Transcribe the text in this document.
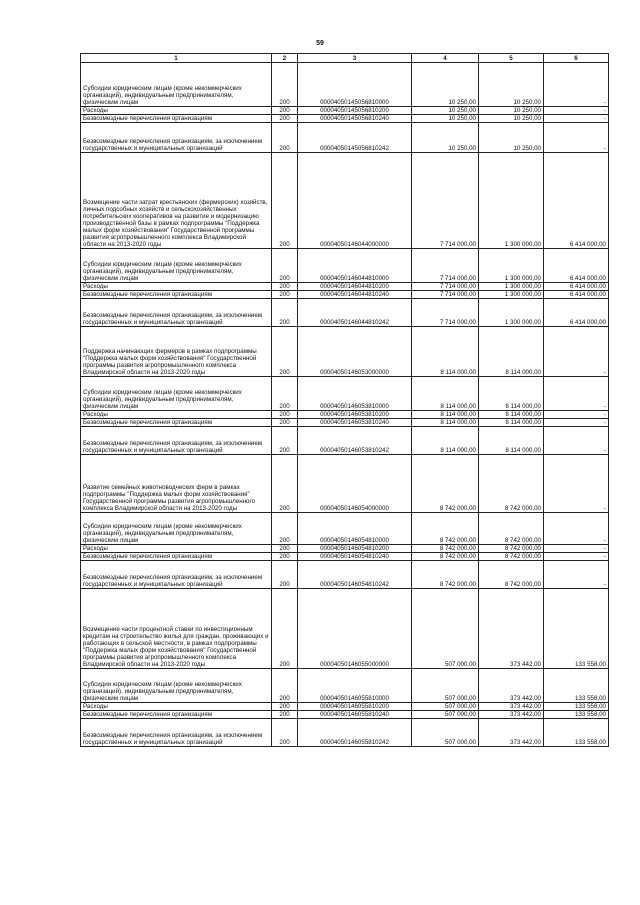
59
1	2	3	4	5	6
Субсидии юридическим лицам (кроме некоммерческих организаций), индивидуальным предпринимателям, физическим лицам	200	00004050145056810000	10 250,00	10 250,00	-
Расходы	200	00004050145056810200	10 250,00	10 250,00	-
Безвозмездные перечисления организациям	200	00004050145056810240	10 250,00	10 250,00	-
Безвозмездные перечисления организациям, за исключением государственных и муниципальных организаций	200	00004050145056810242	10 250,00	10 250,00	-
Возмещение части затрат крестьянских (фермерских) хозяйств, личных подсобных хозяйств и сельскохозяйственных потребительских кооперативов на развитие и модернизацию производственной базы в рамках подпрограммы "Поддержка малых форм хозяйствования" Государственной программы развития агропромышленного комплекса Владимирской области на 2013-2020 годы	200	00004050146044000000	7 714 000,00	1 300 000,00	6 414 000,00
Субсидии юридическим лицам (кроме некоммерческих организаций), индивидуальным предпринимателям, физическим лицам	200	00004050146044810000	7 714 000,00	1 300 000,00	6 414 000,00
Расходы	200	00004050146044810200	7 714 000,00	1 300 000,00	6 414 000,00
Безвозмездные перечисления организациям	200	00004050146044810240	7 714 000,00	1 300 000,00	6 414 000,00
Безвозмездные перечисления организациям, за исключением государственных и муниципальных организаций	200	00004050146044810242	7 714 000,00	1 300 000,00	6 414 000,00
Поддержка начинающих фермеров в рамках подпрограммы "Поддержка малых форм хозяйствования" Государственной программы развития агропромышленного комплекса Владимирской области на 2013-2020 годы	200	00004050146053000000	8 114 000,00	8 114 000,00	-
Субсидии юридическим лицам (кроме некоммерческих организаций), индивидуальным предпринимателям, физическим лицам	200	00004050146053810000	8 114 000,00	8 114 000,00	-
Расходы	200	00004050146053810200	8 114 000,00	8 114 000,00	-
Безвозмездные перечисления организациям	200	00004050146053810240	8 114 000,00	8 114 000,00	-
Безвозмездные перечисления организациям, за исключением государственных и муниципальных организаций	200	00004050146053810242	8 114 000,00	8 114 000,00	-
Развитие семейных животноводческих ферм в рамках подпрограммы "Поддержка малых форм хозяйствования" Государственной программы развития агропромышленного комплекса Владимирской области на 2013-2020 годы	200	00004050146054000000	8 742 000,00	8 742 000,00	-
Субсидии юридическим лицам (кроме некоммерческих организаций), индивидуальным предпринимателям, физическим лицам	200	00004050146054810000	8 742 000,00	8 742 000,00	-
Расходы	200	00004050146054810200	8 742 000,00	8 742 000,00	-
Безвозмездные перечисления организациям	200	00004050146054810240	8 742 000,00	8 742 000,00	-
Безвозмездные перечисления организациям, за исключением государственных и муниципальных организаций	200	00004050146054810242	8 742 000,00	8 742 000,00	-
Возмещение части процентной ставки по инвестиционным кредитам на строительство жилья для граждан, проживающих и работающих в сельской местности, в рамках подпрограммы "Поддержка малых форм хозяйствования" Государственной программы развития агропромышленного комплекса Владимирской области на 2013-2020 годы	200	00004050146055000000	507 000,00	373 442,00	133 558,00
Субсидии юридическим лицам (кроме некоммерческих организаций), индивидуальным предпринимателям, физическим лицам	200	00004050146055810000	507 000,00	373 442,00	133 558,00
Расходы	200	00004050146055810200	507 000,00	373 442,00	133 558,00
Безвозмездные перечисления организациям	200	00004050146055810240	507 000,00	373 442,00	133 558,00
Безвозмездные перечисления организациям, за исключением государственных и муниципальных организаций	200	00004050146055810242	507 000,00	373 442,00	133 558,00
